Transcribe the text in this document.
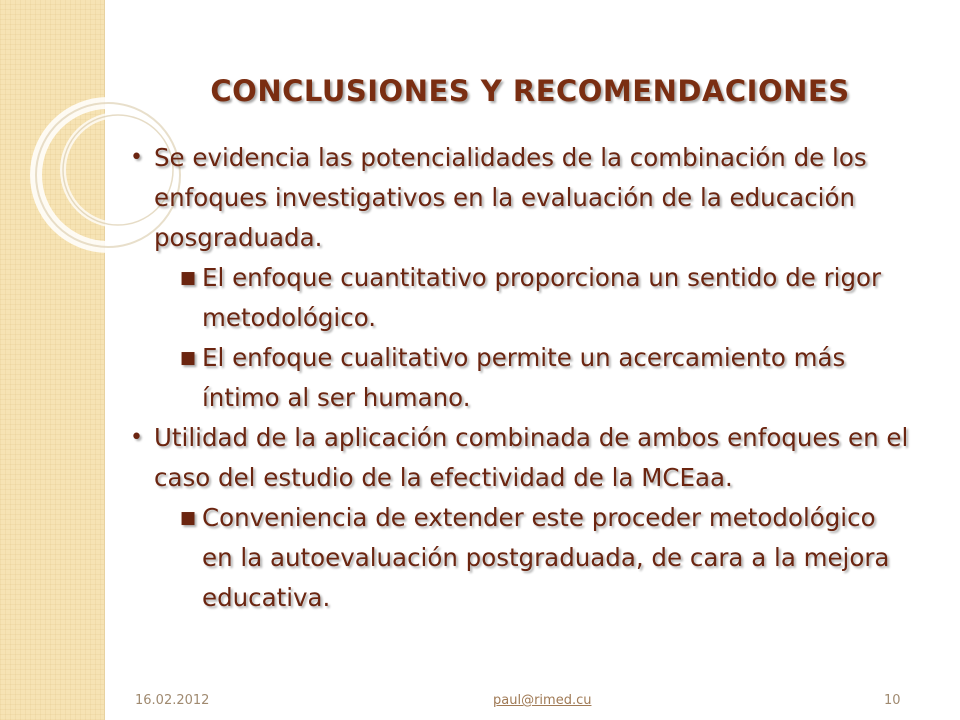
CONCLUSIONES Y RECOMENDACIONES
• Se evidencia las potencialidades de la combinación de los enfoques investigativos en la evaluación de la educación posgraduada.
■ El enfoque cuantitativo proporciona un sentido de rigor metodológico.
■ El enfoque cualitativo permite un acercamiento más íntimo al ser humano.
• Utilidad de la aplicación combinada de ambos enfoques en el caso del estudio de la efectividad de la MCEaa.
■ Conveniencia de extender este proceder metodológico en la autoevaluación postgraduada, de cara a la mejora educativa.
16.02.2012	paul@rimed.cu	10
